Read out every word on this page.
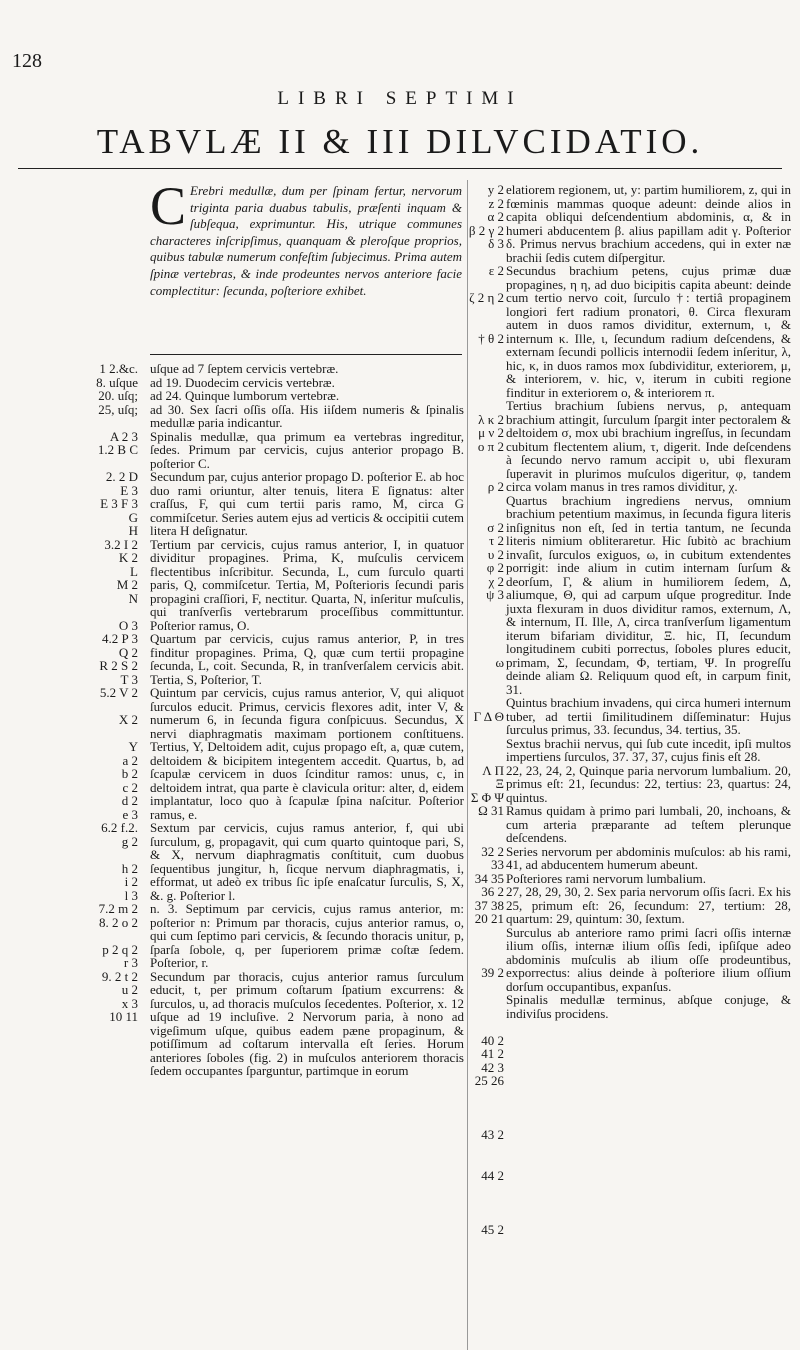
128
LIBRI SEPTIMI
TABVLÆ II & III DILVCIDATIO.
C Erebri medullæ, dum per ſpinam fertur, nervorum triginta paria duabus tabulis, præſenti inquam & ſubſequa, exprimuntur. His, utrique communes characteres inſcripſimus, quanquam & pleroſque proprios, quibus tabulæ numerum confeſtim ſubjecimus. Prima autem ſpinæ vertebras, & inde prodeuntes nervos anteriore facie complectitur: ſecunda, poſteriore exhibet.
1 2.&c.
8. uſque
20. uſq;
25, uſq;
A 2 3
1.2 B C
2. 2 D
E 3
E 3 F 3
G
H
3.2 I 2
K 2
L
M 2
N
O 3
4.2 P 3
Q 2
R 2 S 2
T 3
5.2 V 2
X 2
Y
a 2
b 2
c 2
d 2
e 3
6.2 f.2.
g 2
h 2
i 2
l 3
7.2 m 2
8. 2 o 2
p 2 q 2
r 3
9. 2 t 2
u 2
x 3
10 11

uſque ad 7 ſeptem cervicis vertebræ.

ad 19. Duodecim cervicis vertebræ.

ad 24. Quinque lumborum vertebræ.

ad 30. Sex ſacri oſſis oſſa. His iiſdem numeris & ſpinalis medullæ paria indicantur.

Spinalis medullæ, qua primum ea vertebras ingreditur, ſedes. Primum par cervicis, cujus anterior propago B. poſterior C.

Secundum par, cujus anterior propago D. poſterior E. ab hoc duo rami oriuntur, alter tenuis, litera E ſignatus: alter craſſus, F, qui cum tertii paris ramo, M, circa G commiſcetur. Series autem ejus ad verticis & occipitii cutem litera H deſignatur.

Tertium par cervicis, cujus ramus anterior, I, in quatuor dividitur propagines. Prima, K, muſculis cervicem flectentibus inſcribitur. Secunda, L, cum ſurculo quarti paris, Q, commiſcetur. Tertia, M, Poſterioris ſecundi paris propagini craſſiori, F, nectitur. Quarta, N, inſeritur muſculis, qui tranſverſis vertebrarum proceſſibus committuntur. Poſterior ramus, O.

Quartum par cervicis, cujus ramus anterior, P, in tres finditur propagines. Prima, Q, quæ cum tertii propagine ſecunda, L, coit. Secunda, R, in tranſverſalem cervicis abit. Tertia, S, Poſterior, T.

Quintum par cervicis, cujus ramus anterior, V, qui aliquot ſurculos educit. Primus, cervicis flexores adit, inter V, & numerum 6, in ſecunda figura conſpicuus. Secundus, X nervi diaphragmatis maximam portionem conſtituens. Tertius, Y, Deltoidem adit, cujus propago eſt, a, quæ cutem, deltoidem & bicipitem integentem accedit. Quartus, b, ad ſcapulæ cervicem in duos ſcinditur ramos: unus, c, in deltoidem intrat, qua parte è clavicula oritur: alter, d, eidem implantatur, loco quo à ſcapulæ ſpina naſcitur. Poſterior ramus, e.

Sextum par cervicis, cujus ramus anterior, f, qui ubi ſurculum, g, propagavit, qui cum quarto quintoque pari, S, & X, nervum diaphragmatis conſtituit, cum duobus ſequentibus jungitur, h, ſicque nervum diaphragmatis, i, efformat, ut adeò ex tribus ſic ipſe enaſcatur ſurculis, S, X, &. g. Poſterior l.

n. 3. Septimum par cervicis, cujus ramus anterior, m: poſterior n: Primum par thoracis, cujus anterior ramus, o, qui cum ſeptimo pari cervicis, & ſecundo thoracis unitur, p, ſparſa ſobole, q, per ſuperiorem primæ coſtæ ſedem. Poſterior, r.

Secundum par thoracis, cujus anterior ramus ſurculum educit, t, per primum coſtarum ſpatium excurrens: & ſurculos, u, ad thoracis muſculos ſecedentes. Poſterior, x. 12 uſque ad 19 incluſive. 2 Nervorum paria, à nono ad vigeſimum uſque, quibus eadem pæne propaginum, & potiſſimum ad coſtarum intervalla eſt ſeries. Horum anteriores ſoboles (fig. 2) in muſculos anteriorem thoracis ſedem occupantes ſparguntur, partimque in eorum

y 2
z 2
α 2
β 2 γ 2
δ 3
ε 2
ζ 2 η 2
† θ 2
λ κ 2
μ ν 2
ο π 2
ρ 2
σ 2
τ 2
υ 2
φ 2
χ 2
ψ 3
ω
Γ Δ Θ
Λ Π
Ξ
Σ Φ Ψ
Ω 31
32 2
33
34 35
36 2
37 38
20 21
39 2
40 2
41 2
42 3
25 26
43 2
44 2
45 2

elatiorem regionem, ut, y: partim humiliorem, z, qui in fœminis mammas quoque adeunt: deinde alios in capita obliqui deſcendentium abdominis, α, & in humeri abducentem β. alius papillam adit γ. Poſterior δ. Primus nervus brachium accedens, qui in exter næ brachii ſedis cutem diſpergitur.

Secundus brachium petens, cujus primæ duæ propagines, η η, ad duo bicipitis capita abeunt: deinde cum tertio nervo coit, ſurculo †: tertiâ propaginem longiori fert radium pronatori, θ. Circa flexuram autem in duos ramos dividitur, externum, ι, & internum κ. Ille, ι, ſecundum radium deſcendens, & externam ſecundi pollicis internodii ſedem inſeritur, λ, hic, κ, in duos ramos mox ſubdividitur, exteriorem, μ, & interiorem, ν. hic, ν, iterum in cubiti regione finditur in exteriorem ο, & interiorem π.

Tertius brachium ſubiens nervus, ρ, antequam brachium attingit, ſurculum ſpargit inter pectoralem & deltoidem σ, mox ubi brachium ingreſſus, in ſecundam cubitum flectentem alium, τ, digerit. Inde deſcendens à ſecundo nervo ramum accipit υ, ubi flexuram ſuperavit in plurimos muſculos digeritur, φ, tandem circa volam manus in tres ramos dividitur, χ.

Quartus brachium ingrediens nervus, omnium brachium petentium maximus, in ſecunda figura literis inſignitus non eſt, ſed in tertia tantum, ne ſecunda literis nimium obliteraretur. Hic ſubitò ac brachium invaſit, ſurculos exiguos, ω, in cubitum extendentes porrigit: inde alium in cutim internam ſurſum & deorſum, Γ, & alium in humiliorem ſedem, Δ, aliumque, Θ, qui ad carpum uſque progreditur. Inde juxta flexuram in duos dividitur ramos, externum, Λ, & internum, Π. Ille, Λ, circa tranſverſum ligamentum iterum bifariam dividitur, Ξ. hic, Π, ſecundum longitudinem cubiti porrectus, ſoboles plures educit, primam, Σ, ſecundam, Φ, tertiam, Ψ. In progreſſu deinde aliam Ω. Reliquum quod eſt, in carpum finit, 31.

Quintus brachium invadens, qui circa humeri internum tuber, ad tertii ſimilitudinem diſſeminatur: Hujus ſurculus primus, 33. ſecundus, 34. tertius, 35.

Sextus brachii nervus, qui ſub cute incedit, ipſi multos impertiens ſurculos, 37. 37, 37, cujus finis eſt 28.

22, 23, 24, 2, Quinque paria nervorum lumbalium. 20, primus eſt: 21, ſecundus: 22, tertius: 23, quartus: 24, quintus.

Ramus quidam à primo pari lumbali, 20, inchoans, & cum arteria præparante ad teſtem plerunque deſcendens.

Series nervorum per abdominis muſculos: ab his rami, 41, ad abducentem humerum abeunt.

Poſteriores rami nervorum lumbalium.

27, 28, 29, 30, 2. Sex paria nervorum oſſis ſacri. Ex his 25, primum eſt: 26, ſecundum: 27, tertium: 28, quartum: 29, quintum: 30, ſextum.

Surculus ab anteriore ramo primi ſacri oſſis internæ ilium oſſis, internæ ilium oſſis ſedi, ipſiſque adeo abdominis muſculis ab ilium oſſe prodeuntibus, exporrectus: alius deinde à poſteriore ilium oſſium dorſum occupantibus, expanſus.

Spinalis medullæ terminus, abſque conjuge, & indiviſus procidens.
